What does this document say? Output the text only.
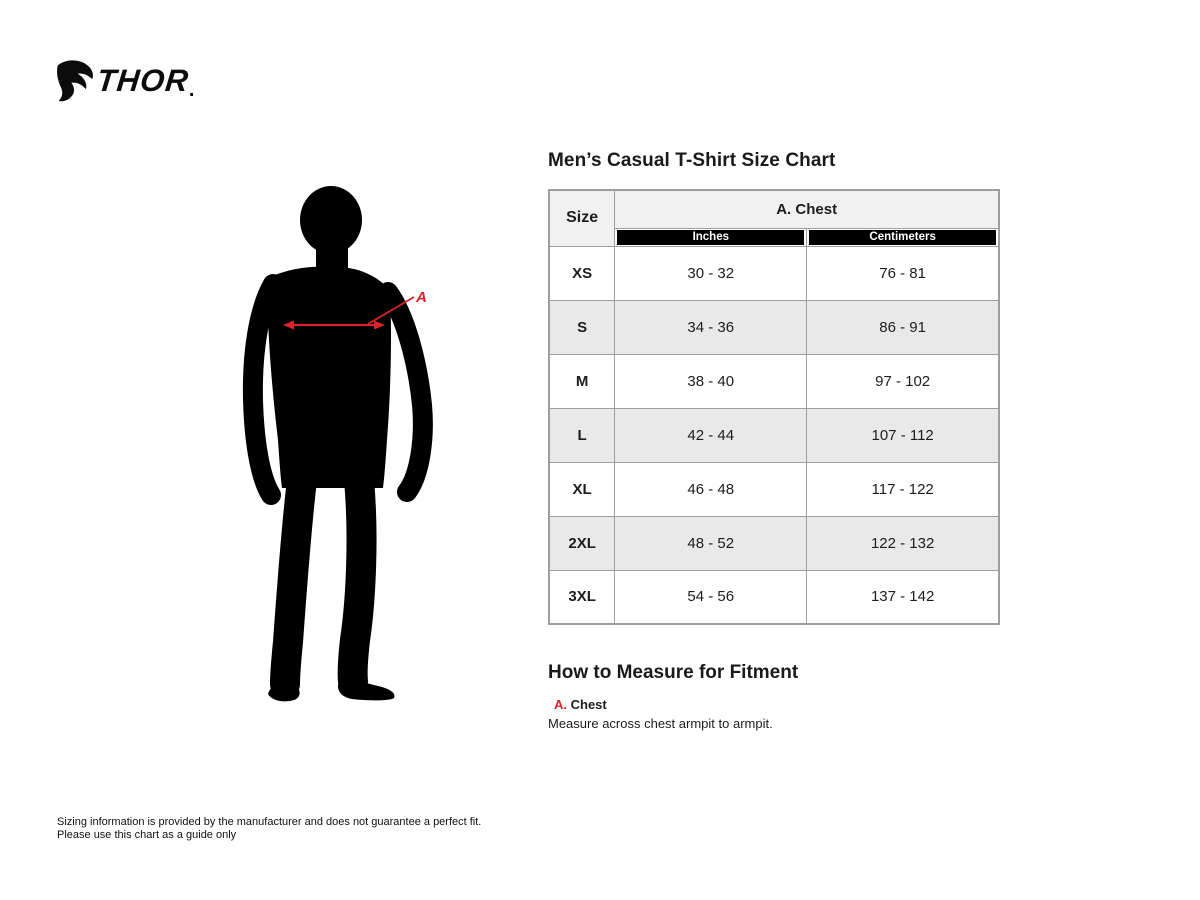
THOR
.
A
Men’s Casual T-Shirt Size Chart
Size	A. Chest	

	Inches	Centimeters

XS	30 - 32	76 - 81
S	34 - 36	86 - 91
M	38 - 40	97 - 102
L	42 - 44	107 - 112
XL	46 - 48	117 - 122
2XL	48 - 52	122 - 132
3XL	54 - 56	137 - 142
How to Measure for Fitment
A. Chest

Measure across chest armpit to armpit.

Sizing information is provided by the manufacturer and does not guarantee a perfect fit.
Please use this chart as a guide only
